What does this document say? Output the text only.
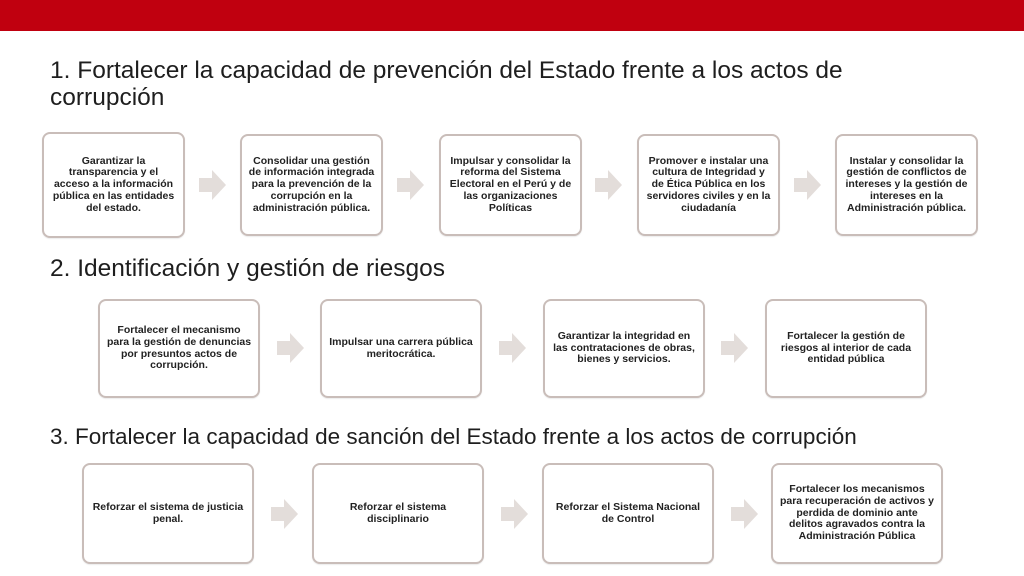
1. Fortalecer la capacidad de prevención del Estado frente a los actos de corrupción
Garantizar la transparencia y el acceso a la información pública en las entidades del estado.
Consolidar una gestión de información integrada para la prevención de la corrupción en la administración pública.
Impulsar y consolidar la reforma del Sistema Electoral en el Perú y de las organizaciones Políticas
Promover e instalar una cultura de Integridad y de Ética Pública en los servidores civiles y en la ciudadanía
Instalar y consolidar la gestión de conflictos de intereses y la gestión de intereses en la Administración pública.
2. Identificación y gestión de riesgos
Fortalecer el mecanismo para la gestión de denuncias por presuntos actos de corrupción.
Impulsar una carrera pública meritocrática.
Garantizar la integridad en las contrataciones de obras, bienes y servicios.
Fortalecer la gestión de riesgos al interior de cada entidad pública
3. Fortalecer la capacidad de sanción del Estado frente a los actos de corrupción
Reforzar el sistema de justicia penal.
Reforzar el sistema disciplinario
Reforzar el Sistema Nacional de Control
Fortalecer los mecanismos para recuperación de activos y perdida de dominio ante delitos agravados contra la Administración Pública
